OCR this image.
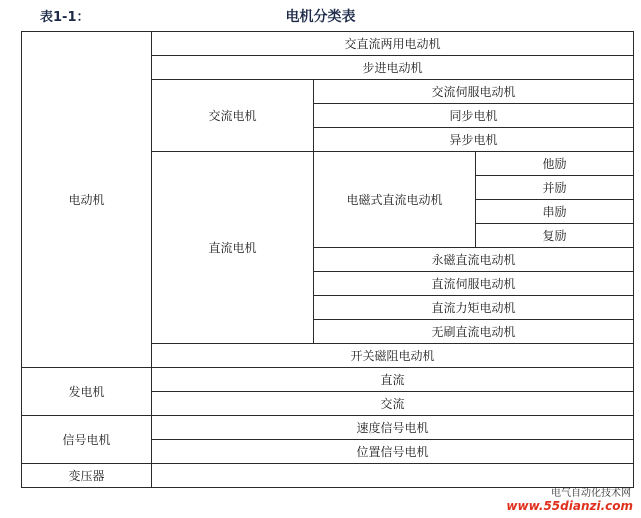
表1-1：	电机分类表
电动机	交直流两用电动机		
	步进电动机		
	交流电机	交流伺服电动机	
		同步电机	
		异步电机	
	直流电机	电磁式直流电动机	他励
			并励
			串励
			复励
		永磁直流电动机	
		直流伺服电动机	
		直流力矩电动机	
		无刷直流电动机	
	开关磁阻电动机		
发电机	直流		
	交流		
信号电机	速度信号电机		
	位置信号电机		
变压器			
电气自动化技术网
www.55dianzi.com
